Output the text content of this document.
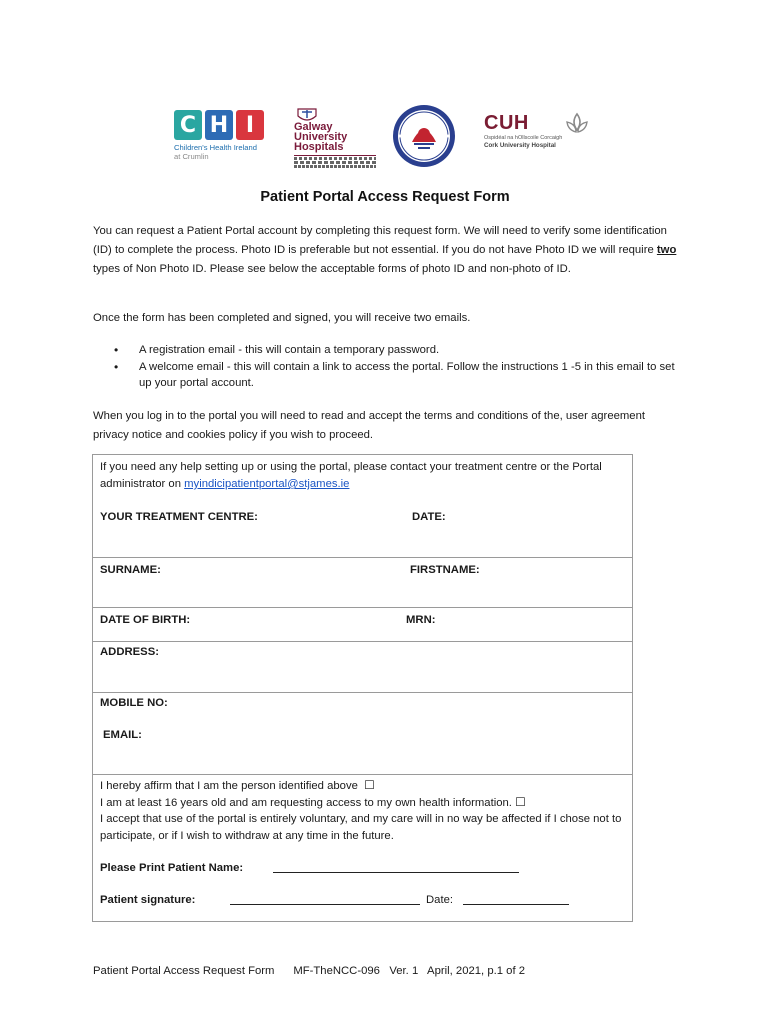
C H I
Children's Health Ireland
at Crumlin
Galway
University
Hospitals
CUH
Ospidéal na hOllscoile Corcaigh
Cork University Hospital
Patient Portal Access Request Form
You can request a Patient Portal account by completing this request form. We will need to verify some identification (ID) to complete the process. Photo ID is preferable but not essential. If you do not have Photo ID we will require two types of Non Photo ID. Please see below the acceptable forms of photo ID and non-photo of ID.
Once the form has been completed and signed, you will receive two emails.
• A registration email - this will contain a temporary password.
• A welcome email - this will contain a link to access the portal. Follow the instructions 1 -5 in this email to set up your portal account.
When you log in to the portal you will need to read and accept the terms and conditions of the, user agreement privacy notice and cookies policy if you wish to proceed.
If you need any help setting up or using the portal, please contact your treatment centre or the Portal administrator on myindicipatientportal@stjames.ie
YOUR TREATMENT CENTRE:	DATE:
SURNAME:	FIRSTNAME:
DATE OF BIRTH:	MRN:
ADDRESS:
MOBILE NO:
EMAIL:
I hereby affirm that I am the person identified above ☐
I am at least 16 years old and am requesting access to my own health information. ☐
I accept that use of the portal is entirely voluntary, and my care will in no way be affected if I chose not to participate, or if I wish to withdraw at any time in the future.
Please Print Patient Name:
Patient signature:	Date:
Patient Portal Access Request Form MF-TheNCC-096   Ver. 1   April, 2021, p.1 of 2
